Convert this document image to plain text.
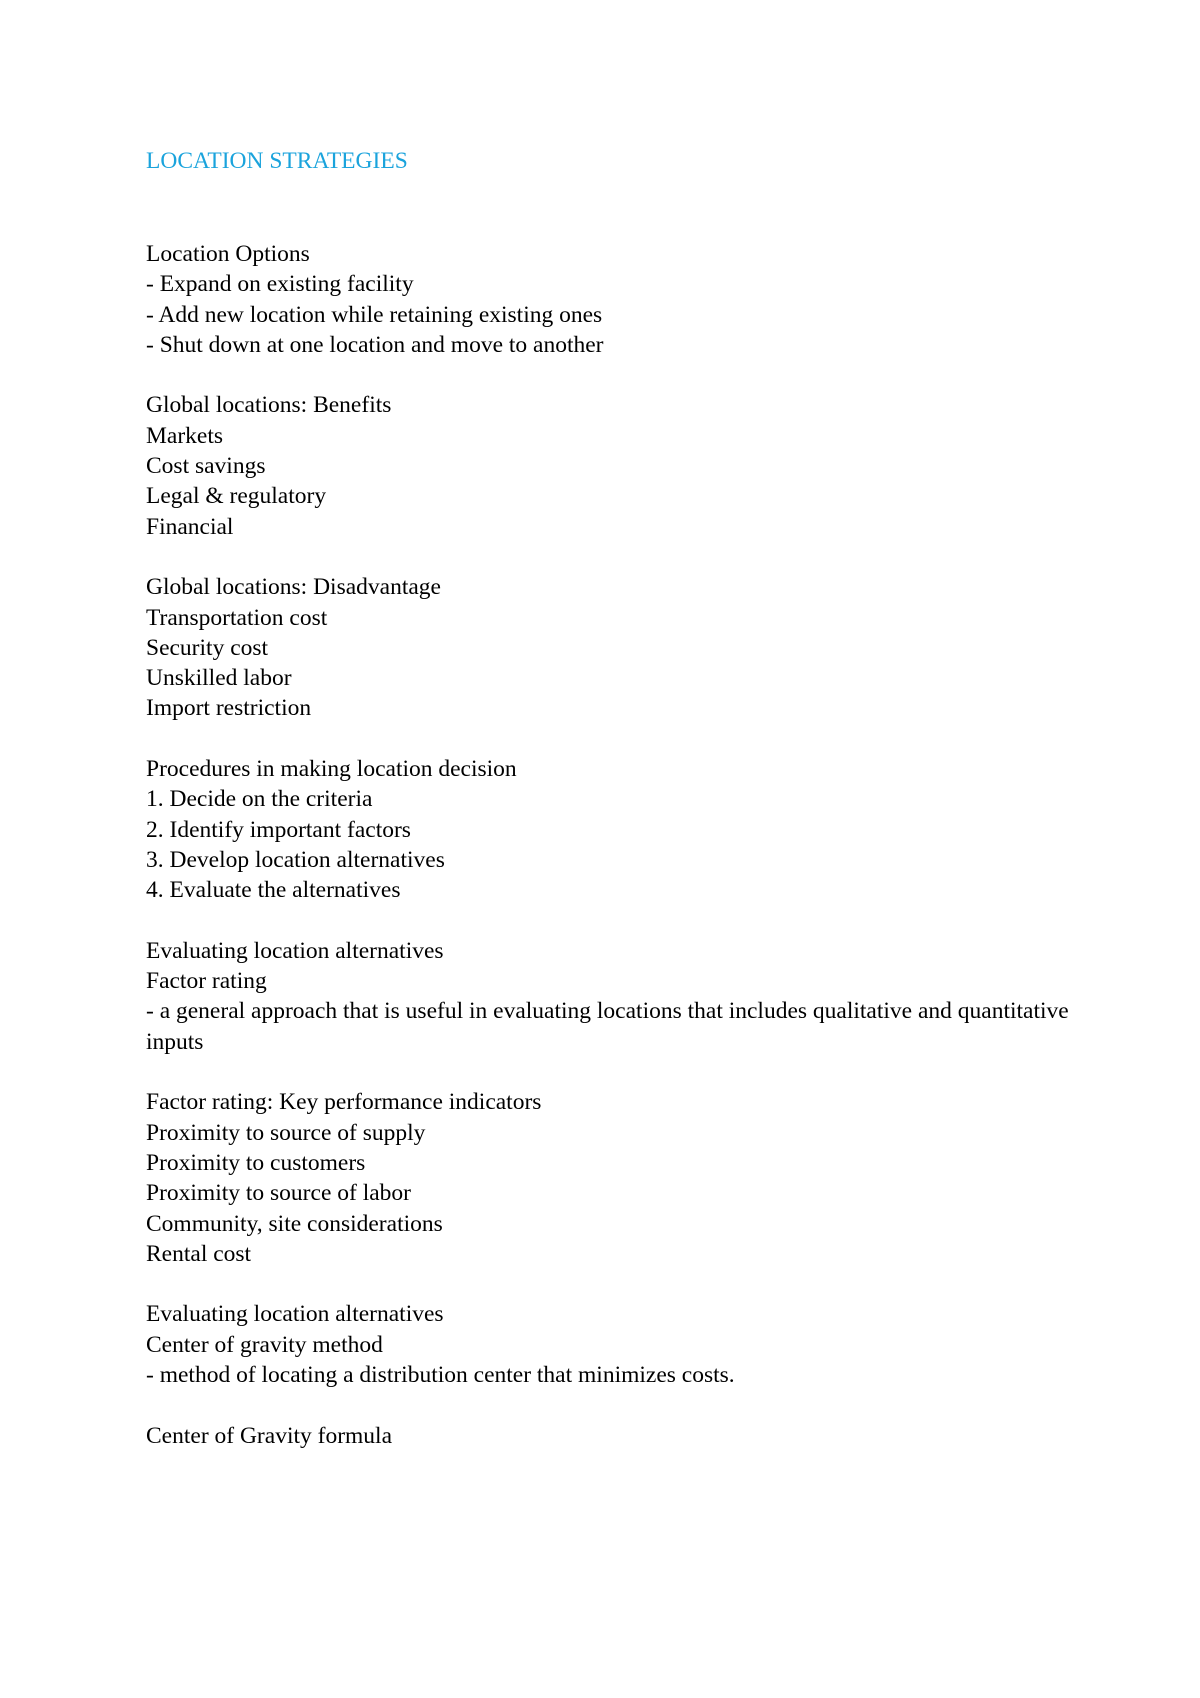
LOCATION STRATEGIES
Location Options
- Expand on existing facility
- Add new location while retaining existing ones
- Shut down at one location and move to another
Global locations: Benefits
Markets
Cost savings
Legal & regulatory
Financial
Global locations: Disadvantage
Transportation cost
Security cost
Unskilled labor
Import restriction
Procedures in making location decision
1. Decide on the criteria
2. Identify important factors
3. Develop location alternatives
4. Evaluate the alternatives
Evaluating location alternatives
Factor rating
- a general approach that is useful in evaluating locations that includes qualitative and quantitative inputs
Factor rating: Key performance indicators
Proximity to source of supply
Proximity to customers
Proximity to source of labor
Community, site considerations
Rental cost
Evaluating location alternatives
Center of gravity method
- method of locating a distribution center that minimizes costs.
Center of Gravity formula
